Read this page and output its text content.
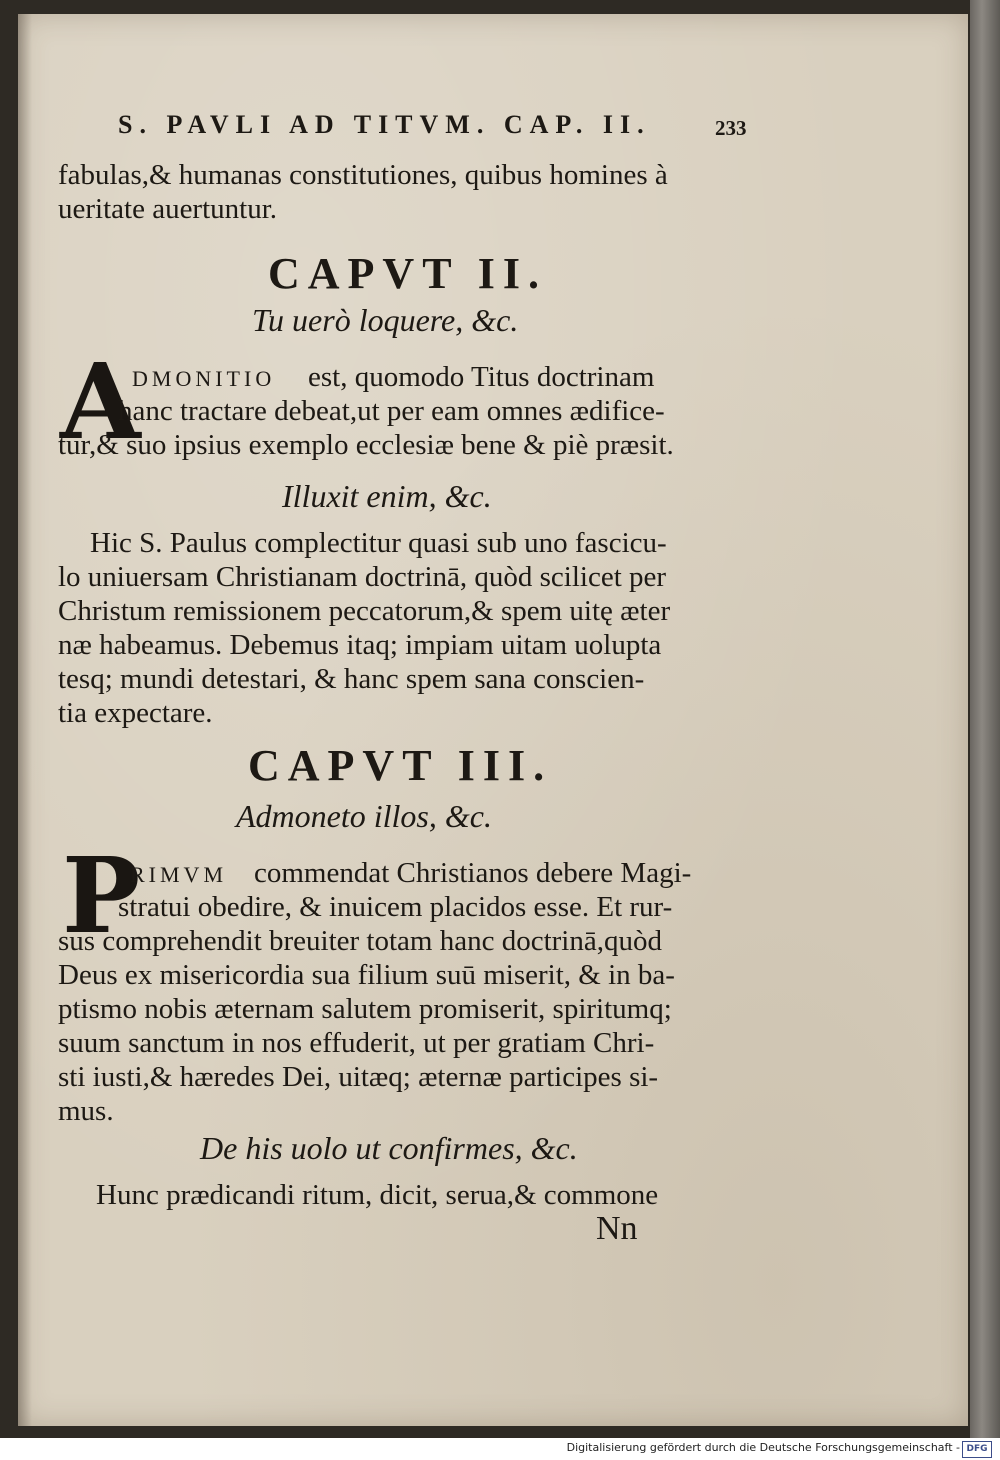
S. PAVLI AD TITVM. CAP. II.	233
fabulas,& humanas constitutiones, quibus homines à
ueritate auertuntur.
CAPVT II.
Tu uerò loquere, &c.
A
DMONITIO est, quomodo Titus doctrinam
hanc tractare debeat,ut per eam omnes ædifice-
tur,& suo ipsius exemplo ecclesiæ bene & piè præsit.
Illuxit enim, &c.
Hic S. Paulus complectitur quasi sub uno fascicu-
lo uniuersam Christianam doctrinā, quòd scilicet per
Christum remissionem peccatorum,& spem uitę æter
næ habeamus. Debemus itaq; impiam uitam uolupta
tesq; mundi detestari, & hanc spem sana conscien-
tia expectare.
CAPVT III.
Admoneto illos, &c.
P
RIMVM commendat Christianos debere Magi-
stratui obedire, & inuicem placidos esse. Et rur-
sus comprehendit breuiter totam hanc doctrinā,quòd
Deus ex misericordia sua filium suū miserit, & in ba-
ptismo nobis æternam salutem promiserit, spiritumq;
suum sanctum in nos effuderit, ut per gratiam Chri-
sti iusti,& hæredes Dei, uitæq; æternæ participes si-
mus.
De his uolo ut confirmes, &c.
Hunc prædicandi ritum, dicit, serua,& commone
Nn
Digitalisierung gefördert durch die Deutsche Forschungsgemeinschaft - DFG
